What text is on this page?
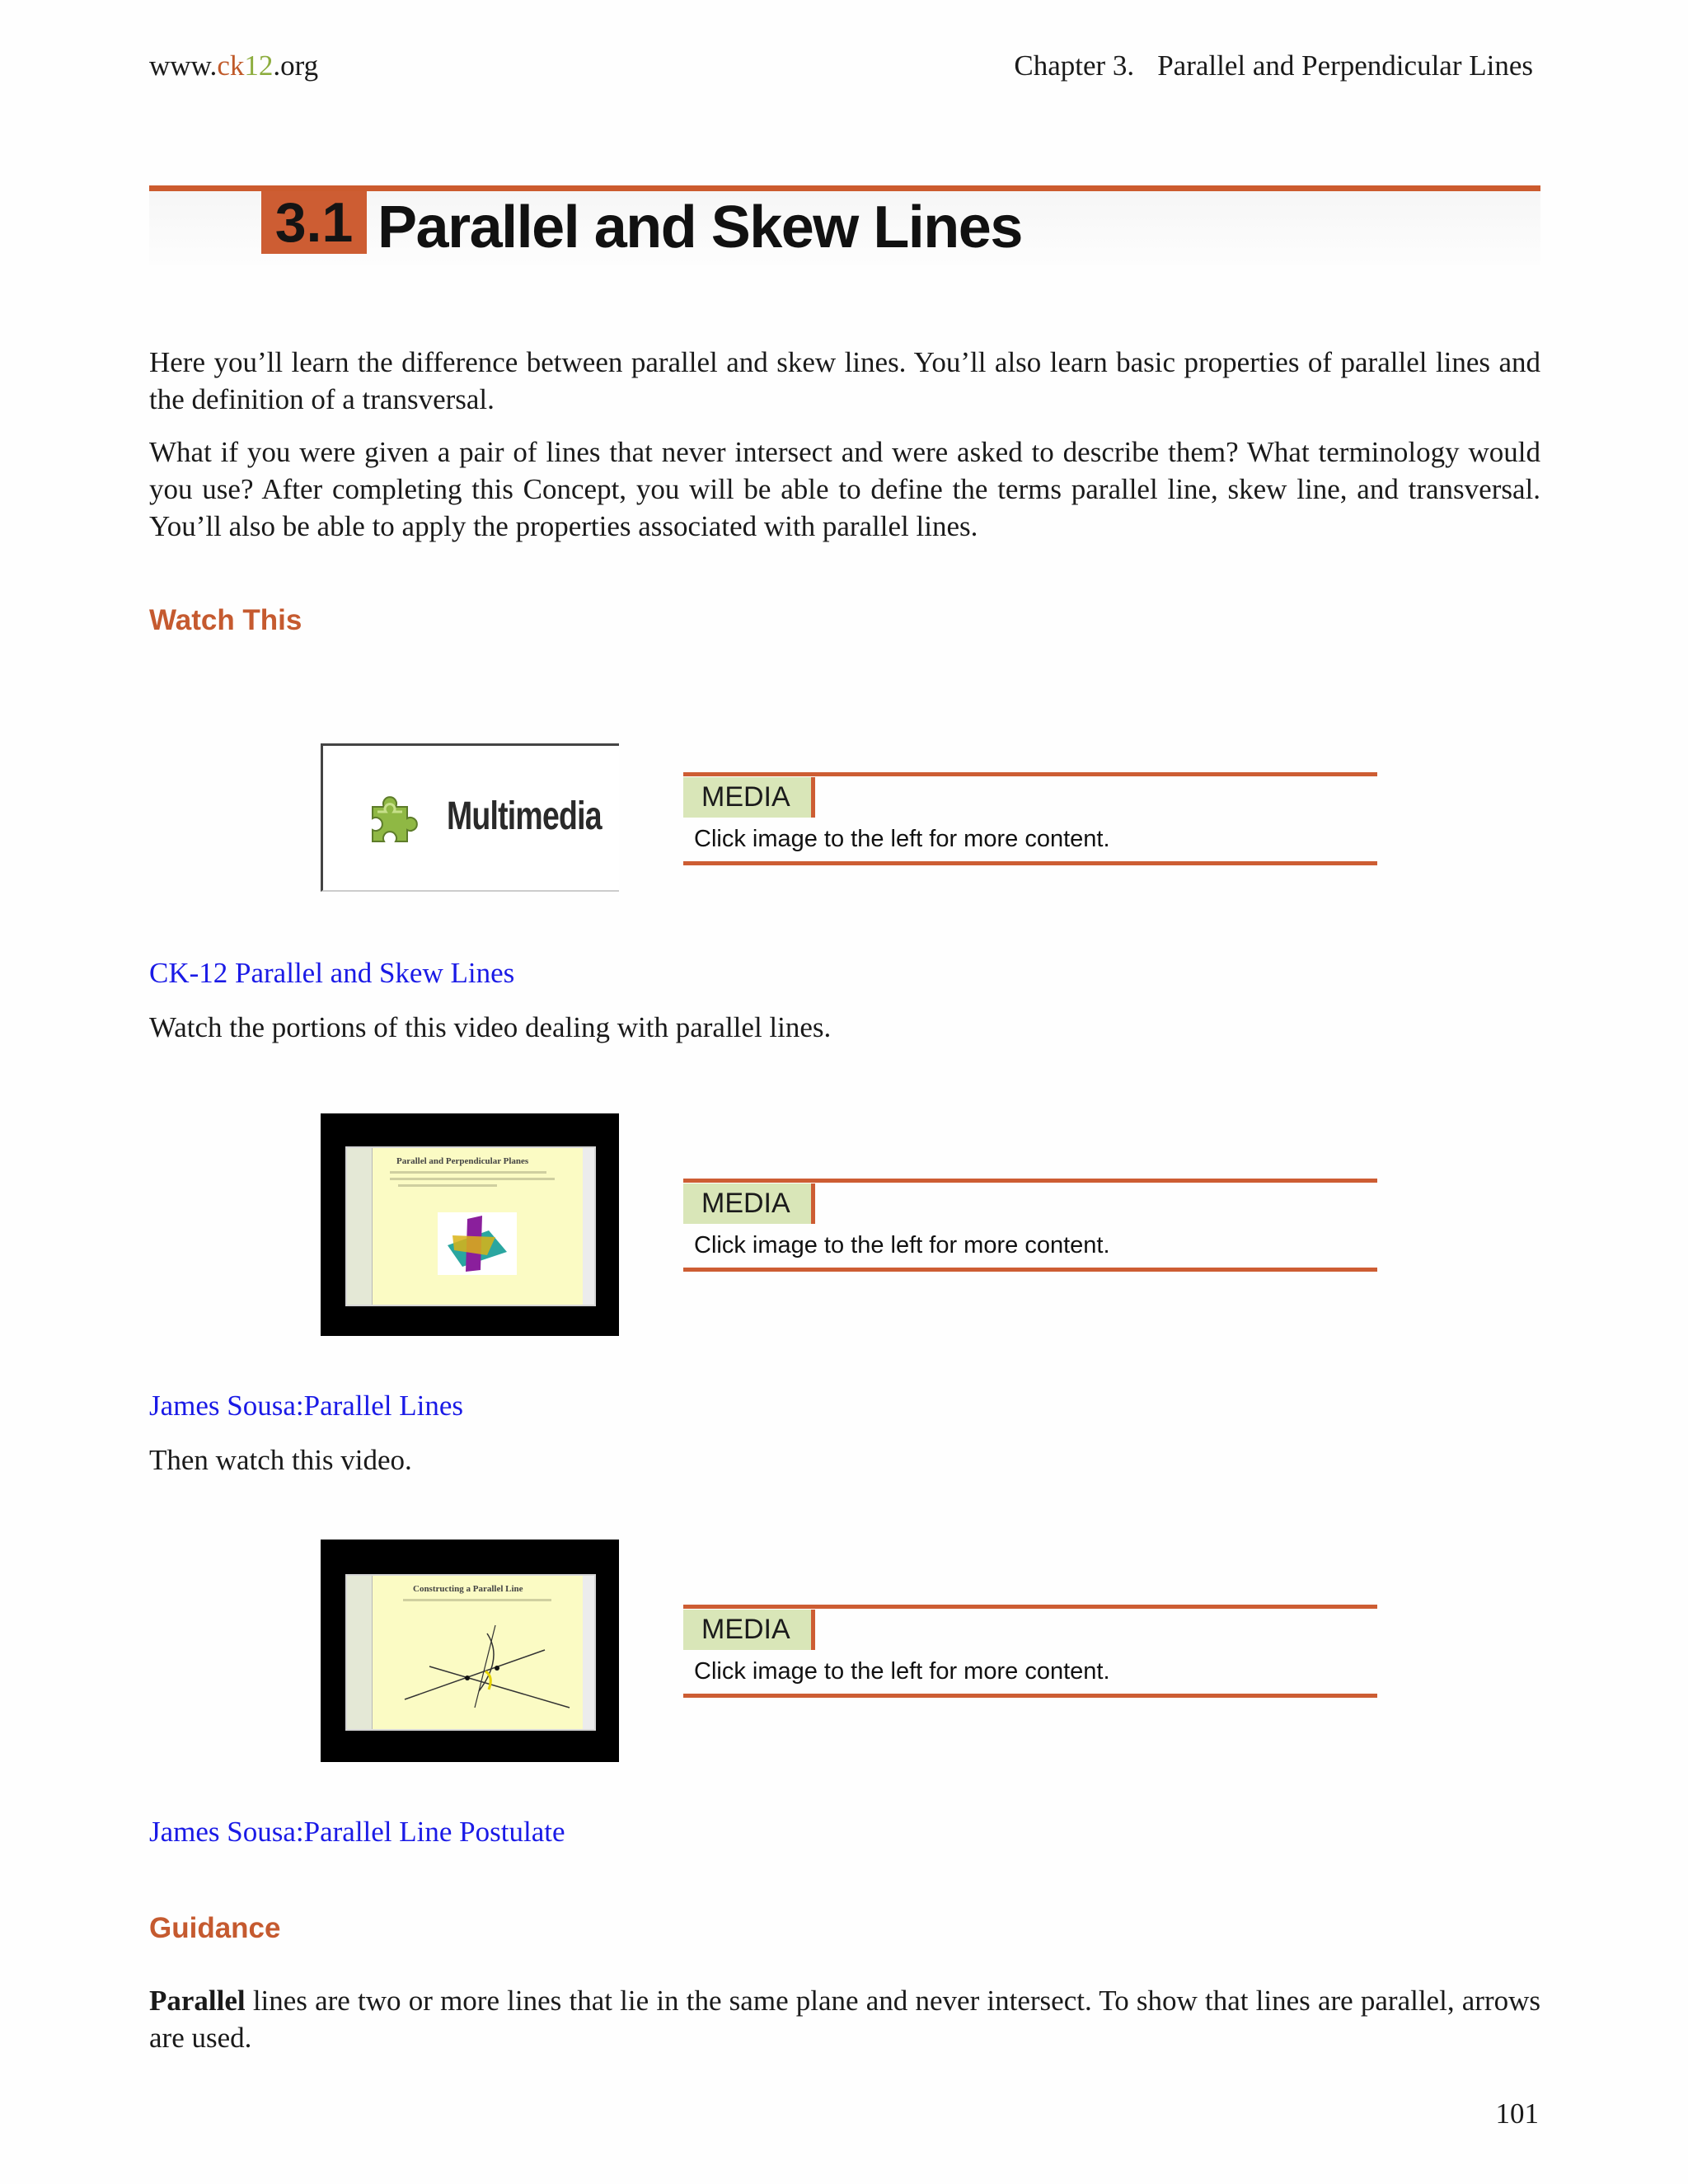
www.ck12.org	Chapter 3. Parallel and Perpendicular Lines
3.1 Parallel and Skew Lines
Here you’ll learn the difference between parallel and skew lines. You’ll also learn basic properties of parallel lines and the definition of a transversal.
What if you were given a pair of lines that never intersect and were asked to describe them? What terminology would you use? After completing this Concept, you will be able to define the terms parallel line, skew line, and transversal. You’ll also be able to apply the properties associated with parallel lines.
Watch This
Multimedia	MEDIA
Click image to the left for more content.
CK-12 Parallel and Skew Lines
Watch the portions of this video dealing with parallel lines.
Parallel and Perpendicular Planes
MEDIA
Click image to the left for more content.
James Sousa:Parallel Lines
Then watch this video.
Constructing a Parallel Line
MEDIA
Click image to the left for more content.
James Sousa:Parallel Line Postulate
Guidance
Parallel lines are two or more lines that lie in the same plane and never intersect. To show that lines are parallel, arrows are used.
101
